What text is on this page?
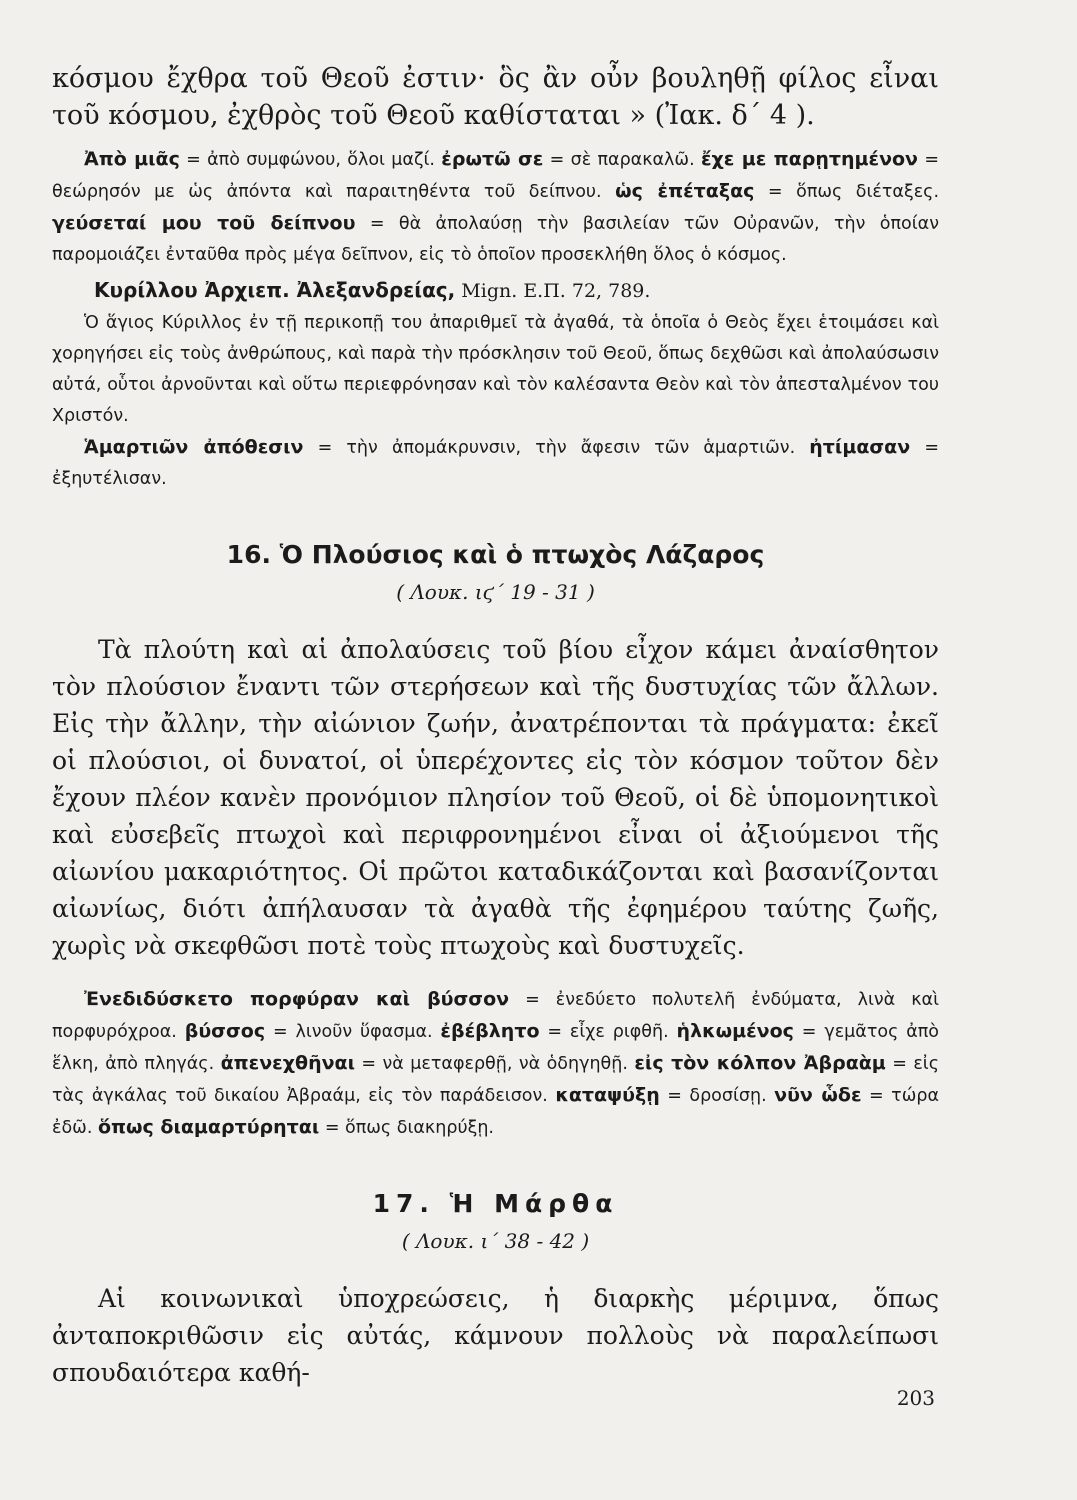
κόσμου ἔχθρα τοῦ Θεοῦ ἐστιν· ὃς ἂν οὖν βουληθῇ φίλος εἶναι τοῦ κόσμου, ἐχθρὸς τοῦ Θεοῦ καθίσταται » (Ἰακ. δ΄ 4 ).

Ἀπὸ μιᾶς = ἀπὸ συμφώνου, ὅλοι μαζί. ἐρωτῶ σε = σὲ παρακαλῶ. ἔχε με παρῃτημένον = θεώρησόν με ὡς ἀπόντα καὶ παραιτηθέντα τοῦ δείπνου. ὡς ἐπέταξας = ὅπως διέταξες. γεύσεταί μου τοῦ δείπνου = θὰ ἀπολαύσῃ τὴν βασιλείαν τῶν Οὐρανῶν, τὴν ὁποίαν παρομοιάζει ἐνταῦθα πρὸς μέγα δεῖπνον, εἰς τὸ ὁποῖον προσεκλήθη ὅλος ὁ κόσμος.

Κυρίλλου Ἀρχιεπ. Ἀλεξανδρείας, Mign. Ε.Π. 72, 789.

Ὁ ἅγιος Κύριλλος ἐν τῇ περικοπῇ του ἀπαριθμεῖ τὰ ἀγαθά, τὰ ὁποῖα ὁ Θεὸς ἔχει ἑτοιμάσει καὶ χορηγήσει εἰς τοὺς ἀνθρώπους, καὶ παρὰ τὴν πρόσκλησιν τοῦ Θεοῦ, ὅπως δεχθῶσι καὶ ἀπολαύσωσιν αὐτά, οὗτοι ἀρνοῦνται καὶ οὕτω περιεφρόνησαν καὶ τὸν καλέσαντα Θεὸν καὶ τὸν ἀπεσταλμένον του Χριστόν.

Ἁμαρτιῶν ἀπόθεσιν = τὴν ἀπομάκρυνσιν, τὴν ἄφεσιν τῶν ἁμαρτιῶν. ἠτίμασαν = ἐξηυτέλισαν.

16. Ὁ Πλούσιος καὶ ὁ πτωχὸς Λάζαρος
( Λουκ. ιϛ΄ 19 - 31 )

Τὰ πλούτη καὶ αἱ ἀπολαύσεις τοῦ βίου εἶχον κάμει ἀναίσθητον τὸν πλούσιον ἔναντι τῶν στερήσεων καὶ τῆς δυστυχίας τῶν ἄλλων. Εἰς τὴν ἄλλην, τὴν αἰώνιον ζωήν, ἀνατρέπονται τὰ πράγματα: ἐκεῖ οἱ πλούσιοι, οἱ δυνατοί, οἱ ὑπερέχοντες εἰς τὸν κόσμον τοῦτον δὲν ἔχουν πλέον κανὲν προνόμιον πλησίον τοῦ Θεοῦ, οἱ δὲ ὑπομονητικοὶ καὶ εὐσεβεῖς πτωχοὶ καὶ περιφρονημένοι εἶναι οἱ ἀξιούμενοι τῆς αἰωνίου μακαριότητος. Οἱ πρῶτοι καταδικάζονται καὶ βασανίζονται αἰωνίως, διότι ἀπήλαυσαν τὰ ἀγαθὰ τῆς ἐφημέρου ταύτης ζωῆς, χωρὶς νὰ σκεφθῶσι ποτὲ τοὺς πτωχοὺς καὶ δυστυχεῖς.

Ἐνεδιδύσκετο πορφύραν καὶ βύσσον = ἐνεδύετο πολυτελῆ ἐνδύματα, λινὰ καὶ πορφυρόχροα. βύσσος = λινοῦν ὕφασμα. ἐβέβλητο = εἶχε ριφθῆ. ἡλκωμένος = γεμᾶτος ἀπὸ ἕλκη, ἀπὸ πληγάς. ἀπενεχθῆναι = νὰ μεταφερθῇ, νὰ ὁδηγηθῇ. εἰς τὸν κόλπον Ἀβραὰμ = εἰς τὰς ἀγκάλας τοῦ δικαίου Ἀβραάμ, εἰς τὸν παράδεισον. καταψύξῃ = δροσίσῃ. νῦν ὧδε = τώρα ἐδῶ. ὅπως διαμαρτύρηται = ὅπως διακηρύξῃ.

17. Ἡ Μάρθα
( Λουκ. ι΄ 38 - 42 )

Αἱ κοινωνικαὶ ὑποχρεώσεις, ἡ διαρκὴς μέριμνα, ὅπως ἀνταποκριθῶσιν εἰς αὐτάς, κάμνουν πολλοὺς νὰ παραλείπωσι σπουδαιότερα καθή-

203
